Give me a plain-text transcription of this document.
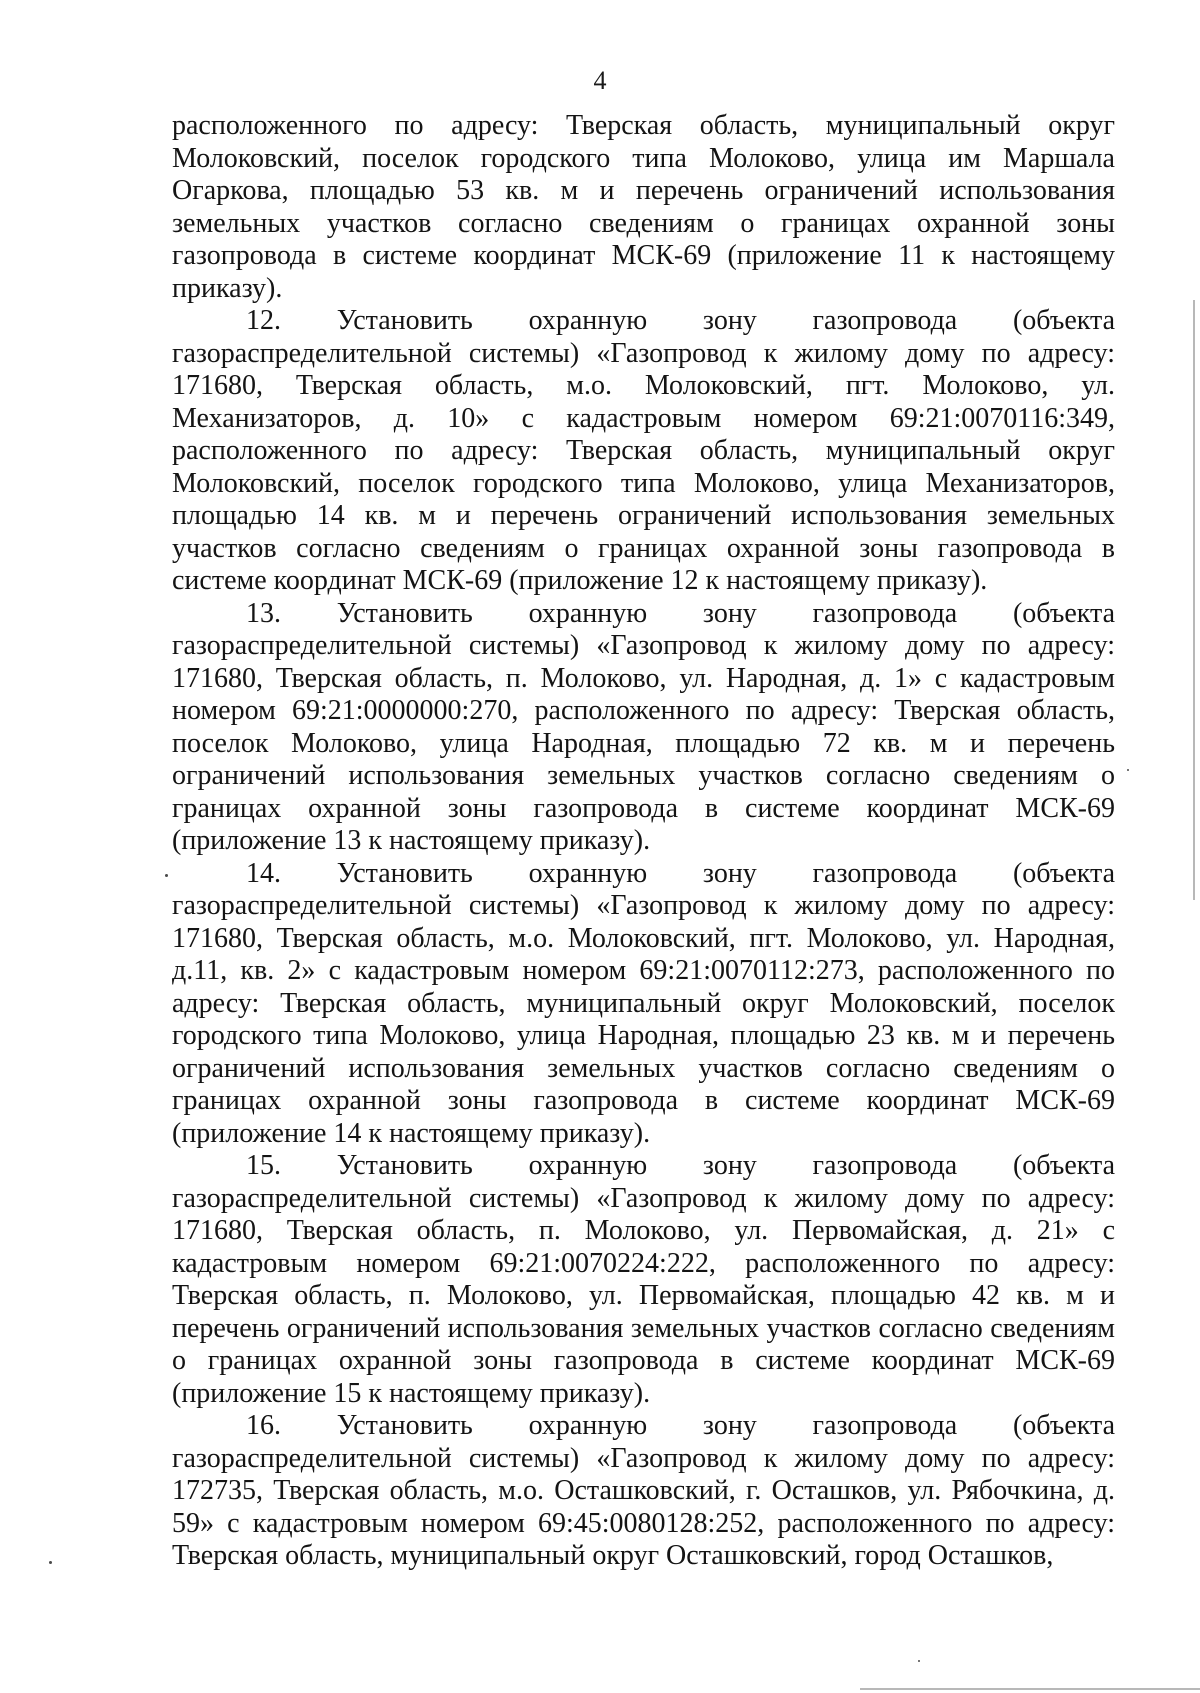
4

расположенного по адресу: Тверская область, муниципальный округ Молоковский, поселок городского типа Молоково, улица им Маршала Огаркова, площадью 53 кв. м и перечень ограничений использования земельных участков согласно сведениям о границах охранной зоны газопровода в системе координат МСК-69 (приложение 11 к настоящему приказу).

12. Установить охранную зону газопровода (объекта газораспределительной системы) «Газопровод к жилому дому по адресу: 171680, Тверская область, м.о. Молоковский, пгт. Молоково, ул. Механизаторов, д. 10» с кадастровым номером 69:21:0070116:349, расположенного по адресу: Тверская область, муниципальный округ Молоковский, поселок городского типа Молоково, улица Механизаторов, площадью 14 кв. м и перечень ограничений использования земельных участков согласно сведениям о границах охранной зоны газопровода в системе координат МСК-69 (приложение 12 к настоящему приказу).

13. Установить охранную зону газопровода (объекта газораспределительной системы) «Газопровод к жилому дому по адресу: 171680, Тверская область, п. Молоково, ул. Народная, д. 1» с кадастровым номером 69:21:0000000:270, расположенного по адресу: Тверская область, поселок Молоково, улица Народная, площадью 72 кв. м и перечень ограничений использования земельных участков согласно сведениям о границах охранной зоны газопровода в системе координат МСК-69 (приложение 13 к настоящему приказу).

14. Установить охранную зону газопровода (объекта газораспределительной системы) «Газопровод к жилому дому по адресу: 171680, Тверская область, м.о. Молоковский, пгт. Молоково, ул. Народная, д.11, кв. 2» с кадастровым номером 69:21:0070112:273, расположенного по адресу: Тверская область, муниципальный округ Молоковский, поселок городского типа Молоково, улица Народная, площадью 23 кв. м и перечень ограничений использования земельных участков согласно сведениям о границах охранной зоны газопровода в системе координат МСК-69 (приложение 14 к настоящему приказу).

15. Установить охранную зону газопровода (объекта газораспределительной системы) «Газопровод к жилому дому по адресу: 171680, Тверская область, п. Молоково, ул. Первомайская, д. 21» с кадастровым номером 69:21:0070224:222, расположенного по адресу: Тверская область, п. Молоково, ул. Первомайская, площадью 42 кв. м и перечень ограничений использования земельных участков согласно сведениям о границах охранной зоны газопровода в системе координат МСК-69 (приложение 15 к настоящему приказу).

16. Установить охранную зону газопровода (объекта газораспределительной системы) «Газопровод к жилому дому по адресу: 172735, Тверская область, м.о. Осташковский, г. Осташков, ул. Рябочкина, д. 59» с кадастровым номером 69:45:0080128:252, расположенного по адресу: Тверская область, муниципальный округ Осташковский, город Осташков,
